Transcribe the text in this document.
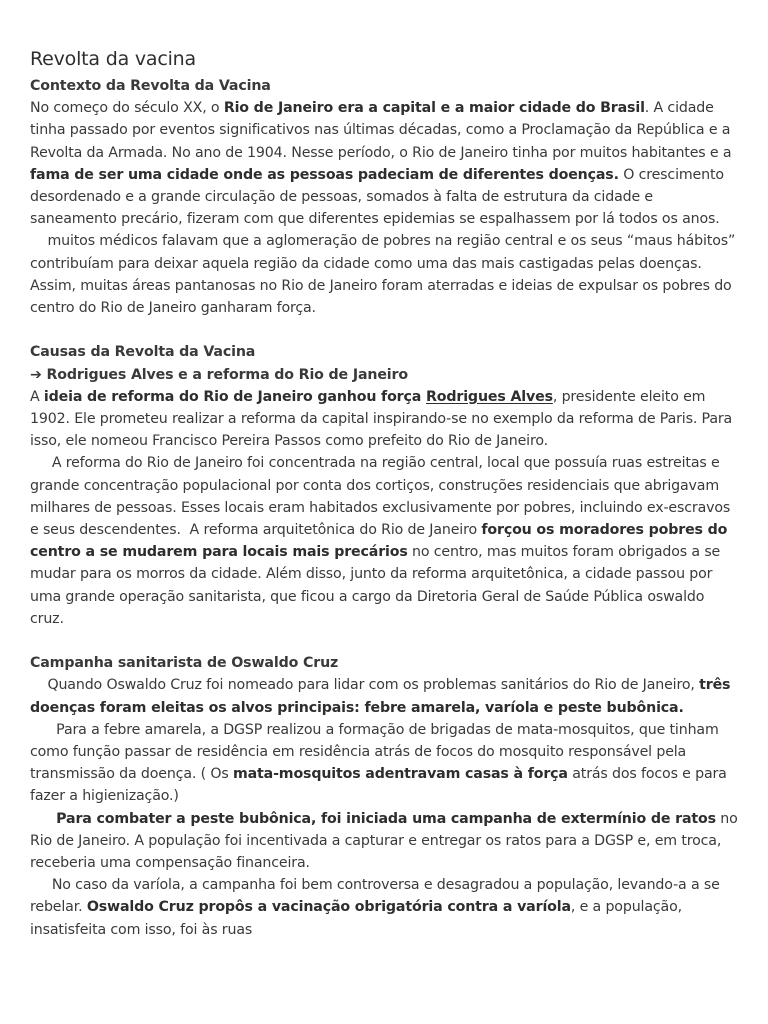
Revolta da vacina
Contexto da Revolta da Vacina

No começo do século XX, o Rio de Janeiro era a capital e a maior cidade do Brasil. A cidade tinha passado por eventos significativos nas últimas décadas, como a Proclamação da República e a Revolta da Armada. No ano de 1904. Nesse período, o Rio de Janeiro tinha por muitos habitantes e a fama de ser uma cidade onde as pessoas padeciam de diferentes doenças. O crescimento desordenado e a grande circulação de pessoas, somados à falta de estrutura da cidade e saneamento precário, fizeram com que diferentes epidemias se espalhassem por lá todos os anos.

muitos médicos falavam que a aglomeração de pobres na região central e os seus “maus hábitos” contribuíam para deixar aquela região da cidade como uma das mais castigadas pelas doenças. Assim, muitas áreas pantanosas no Rio de Janeiro foram aterradas e ideias de expulsar os pobres do centro do Rio de Janeiro ganharam força.

Causas da Revolta da Vacina
➔ Rodrigues Alves e a reforma do Rio de Janeiro

A ideia de reforma do Rio de Janeiro ganhou força Rodrigues Alves, presidente eleito em 1902. Ele prometeu realizar a reforma da capital inspirando-se no exemplo da reforma de Paris. Para isso, ele nomeou Francisco Pereira Passos como prefeito do Rio de Janeiro.

A reforma do Rio de Janeiro foi concentrada na região central, local que possuía ruas estreitas e grande concentração populacional por conta dos cortiços, construções residenciais que abrigavam milhares de pessoas. Esses locais eram habitados exclusivamente por pobres, incluindo ex-escravos e seus descendentes.  A reforma arquitetônica do Rio de Janeiro forçou os moradores pobres do centro a se mudarem para locais mais precários no centro, mas muitos foram obrigados a se mudar para os morros da cidade. Além disso, junto da reforma arquitetônica, a cidade passou por uma grande operação sanitarista, que ficou a cargo da Diretoria Geral de Saúde Pública oswaldo cruz.

Campanha sanitarista de Oswaldo Cruz

Quando Oswaldo Cruz foi nomeado para lidar com os problemas sanitários do Rio de Janeiro, três doenças foram eleitas os alvos principais: febre amarela, varíola e peste bubônica.

Para a febre amarela, a DGSP realizou a formação de brigadas de mata-mosquitos, que tinham como função passar de residência em residência atrás de focos do mosquito responsável pela transmissão da doença. ( Os mata-mosquitos adentravam casas à força atrás dos focos e para fazer a higienização.)

Para combater a peste bubônica, foi iniciada uma campanha de extermínio de ratos no Rio de Janeiro. A população foi incentivada a capturar e entregar os ratos para a DGSP e, em troca, receberia uma compensação financeira.

No caso da varíola, a campanha foi bem controversa e desagradou a população, levando-a a se rebelar. Oswaldo Cruz propôs a vacinação obrigatória contra a varíola, e a população, insatisfeita com isso, foi às ruas
